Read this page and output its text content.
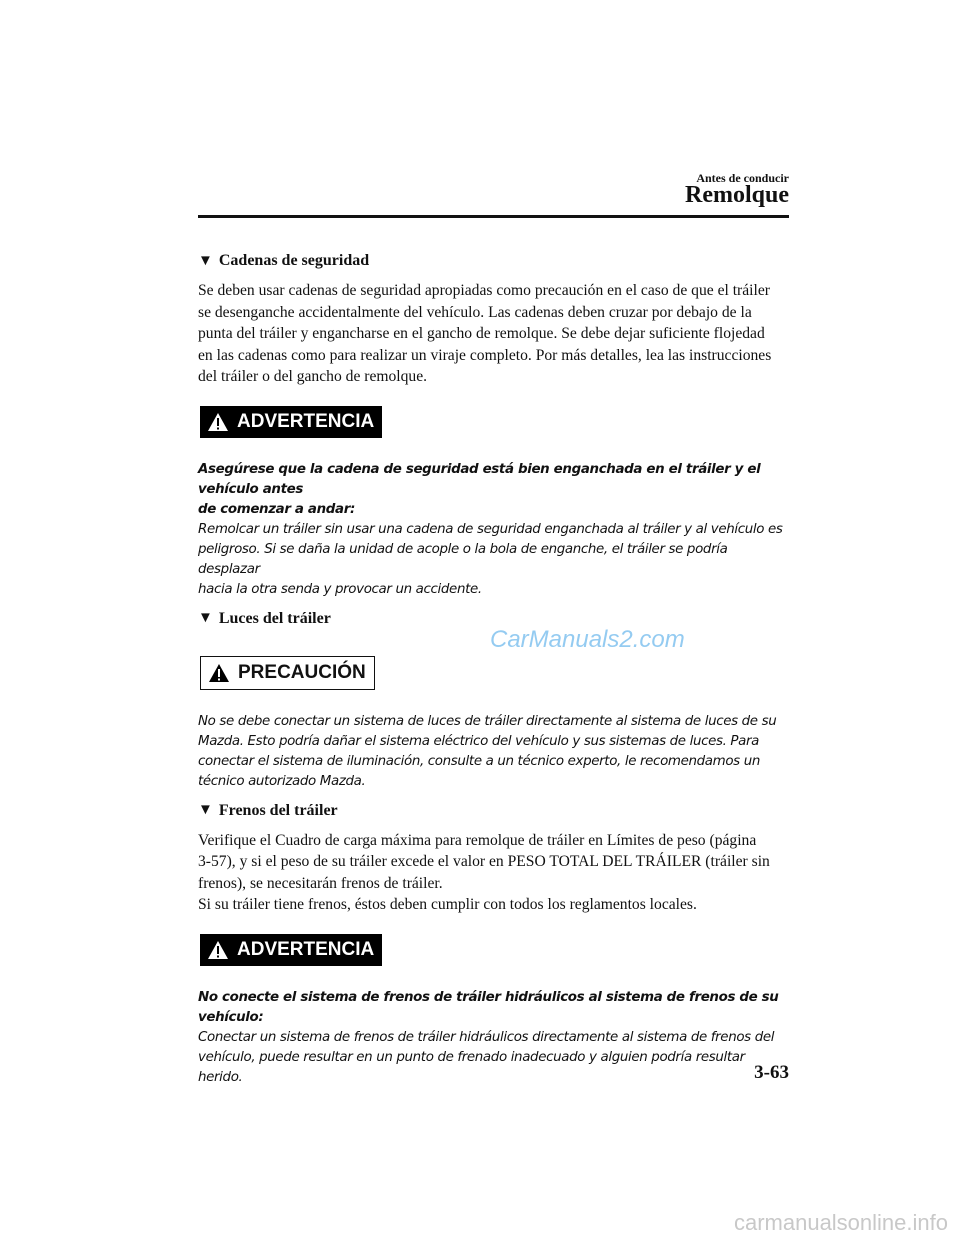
Antes de conducir
Remolque
▼ Cadenas de seguridad
Se deben usar cadenas de seguridad apropiadas como precaución en el caso de que el tráiler
se desenganche accidentalmente del vehículo. Las cadenas deben cruzar por debajo de la
punta del tráiler y engancharse en el gancho de remolque. Se debe dejar suficiente flojedad
en las cadenas como para realizar un viraje completo. Por más detalles, lea las instrucciones
del tráiler o del gancho de remolque.
ADVERTENCIA
Asegúrese que la cadena de seguridad está bien enganchada en el tráiler y el vehículo antes
de comenzar a andar:
Remolcar un tráiler sin usar una cadena de seguridad enganchada al tráiler y al vehículo es
peligroso. Si se daña la unidad de acople o la bola de enganche, el tráiler se podría desplazar
hacia la otra senda y provocar un accidente.
▼ Luces del tráiler
PRECAUCIÓN
No se debe conectar un sistema de luces de tráiler directamente al sistema de luces de su
Mazda. Esto podría dañar el sistema eléctrico del vehículo y sus sistemas de luces. Para
conectar el sistema de iluminación, consulte a un técnico experto, le recomendamos un
técnico autorizado Mazda.
▼ Frenos del tráiler
Verifique el Cuadro de carga máxima para remolque de tráiler en Límites de peso (página
3-57), y si el peso de su tráiler excede el valor en PESO TOTAL DEL TRÁILER (tráiler sin
frenos), se necesitarán frenos de tráiler.
Si su tráiler tiene frenos, éstos deben cumplir con todos los reglamentos locales.
ADVERTENCIA
No conecte el sistema de frenos de tráiler hidráulicos al sistema de frenos de su vehículo:
Conectar un sistema de frenos de tráiler hidráulicos directamente al sistema de frenos del
vehículo, puede resultar en un punto de frenado inadecuado y alguien podría resultar herido.
CarManuals2.com
3-63
carmanualsonline.info
